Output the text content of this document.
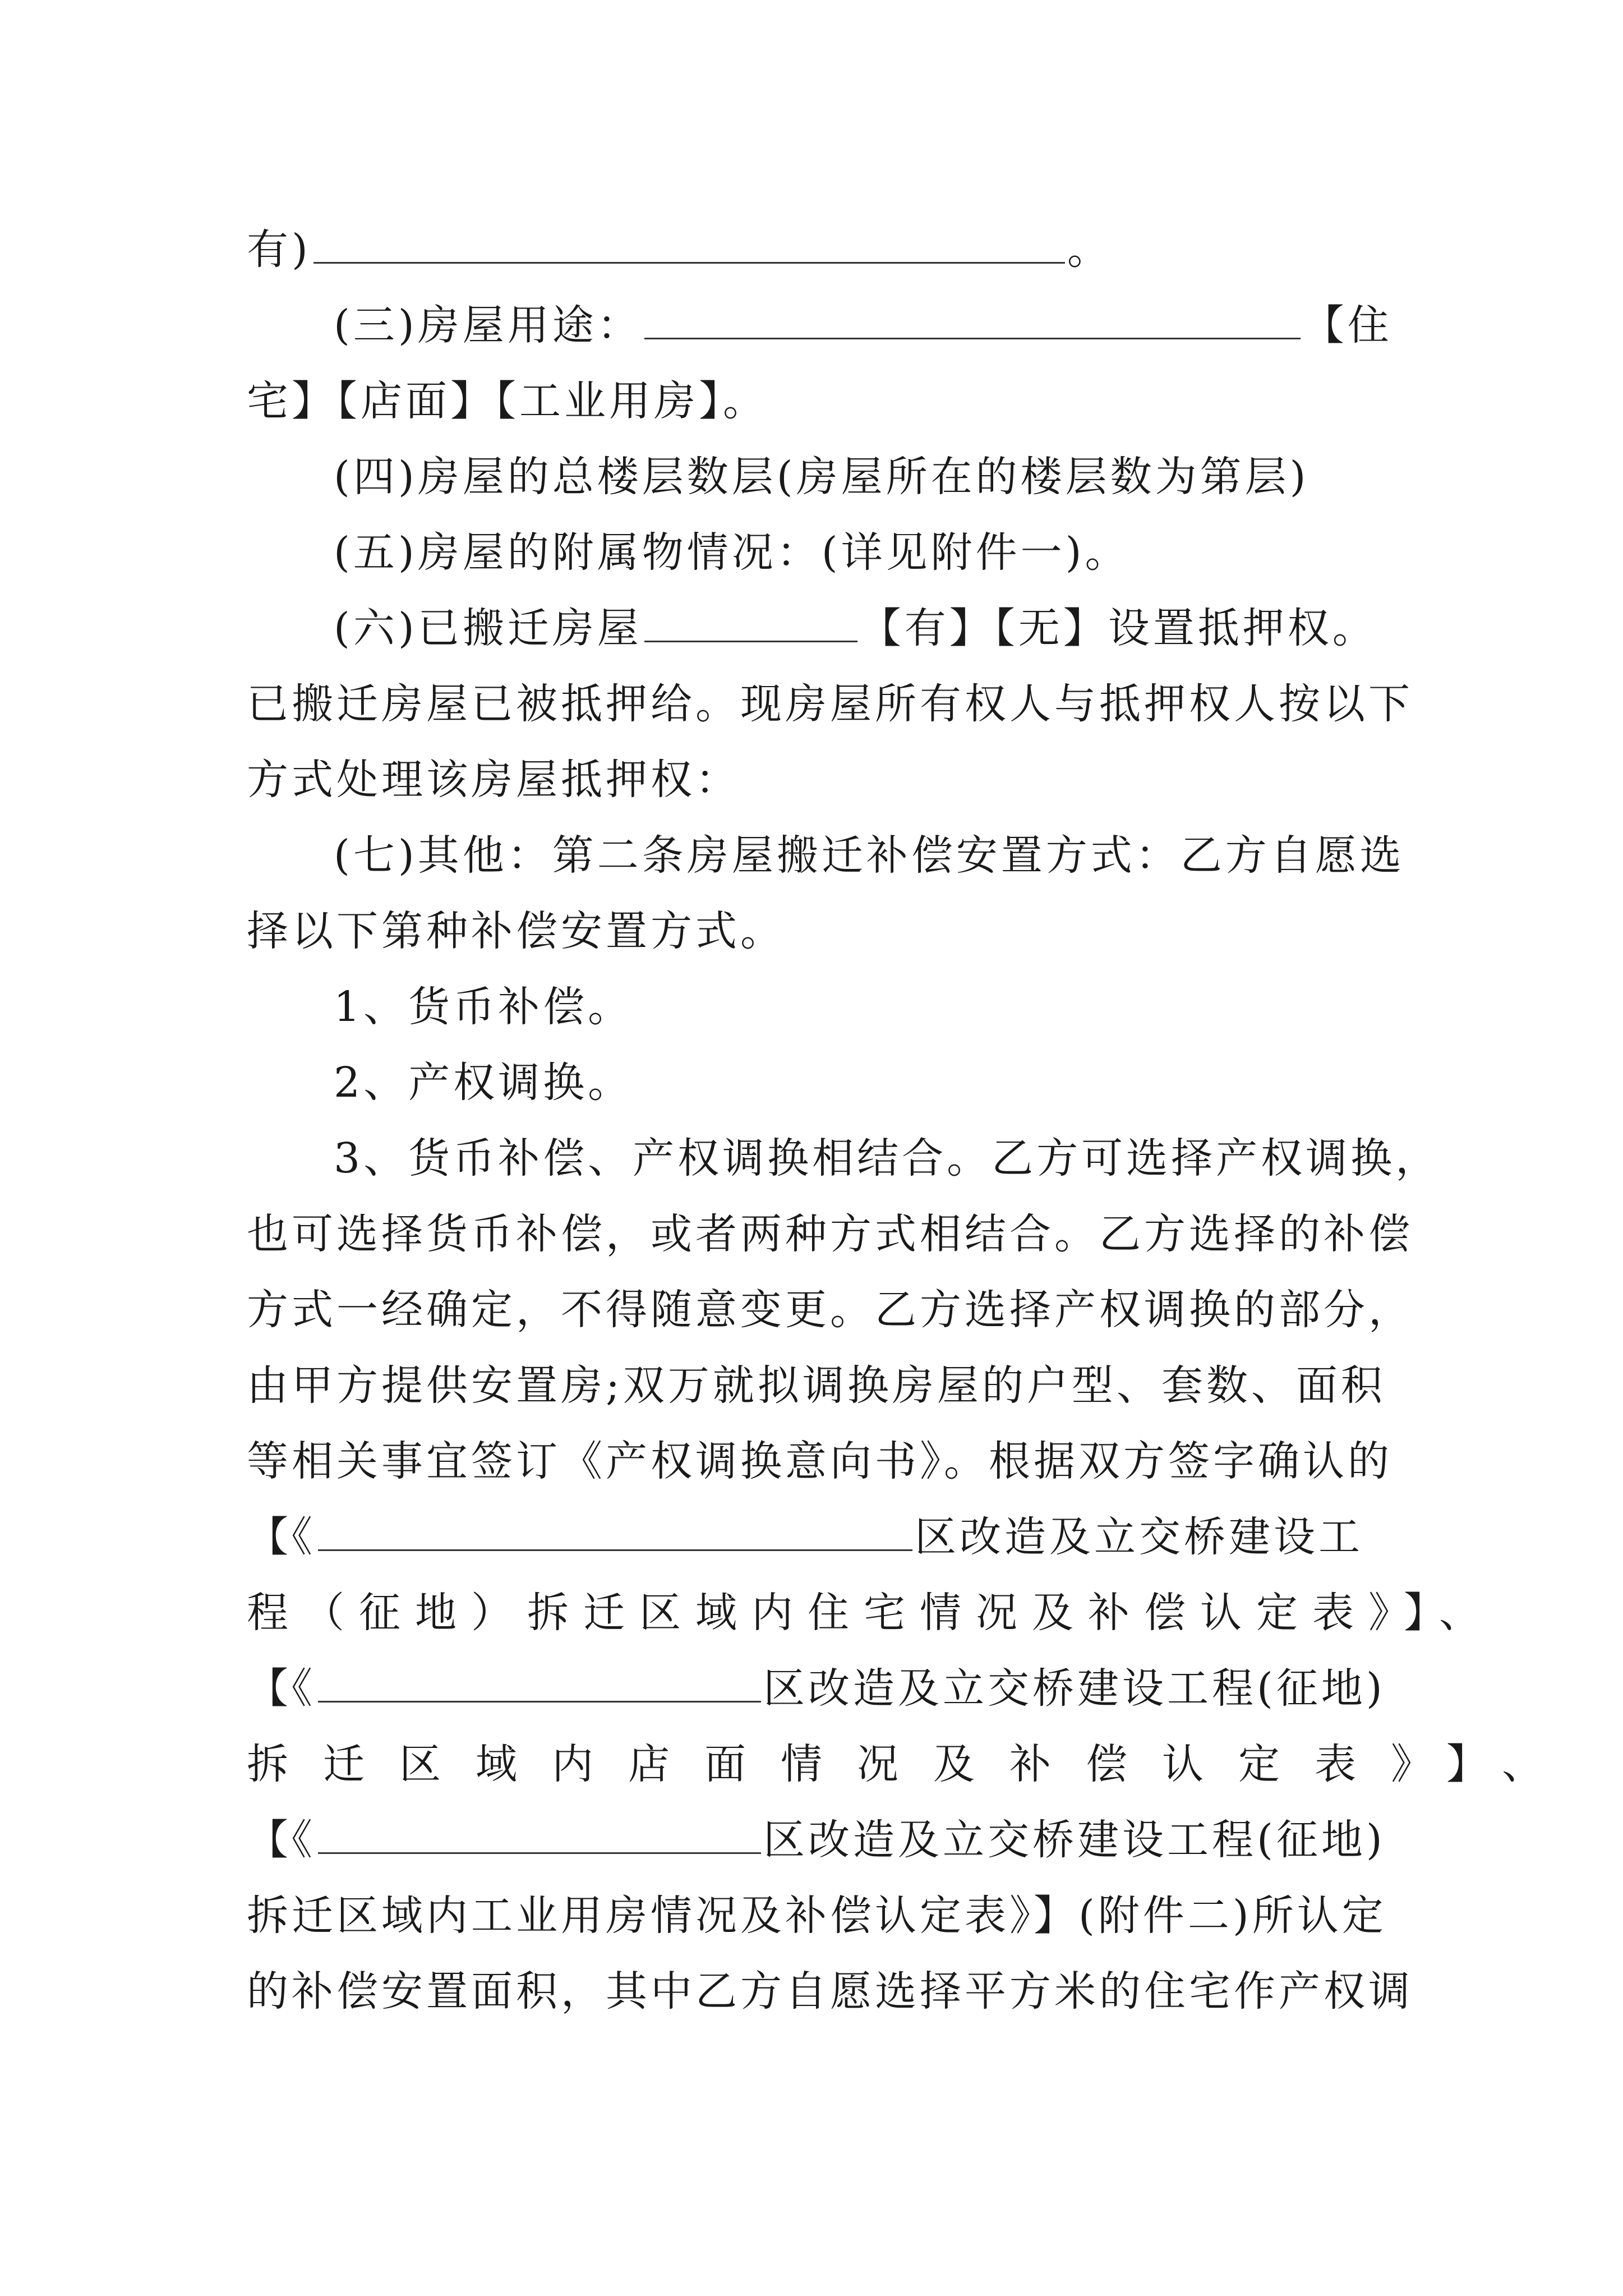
有)	。
(三)房屋用途：	【住
宅】【店面】【工业用房】。
(四)房屋的总楼层数层(房屋所在的楼层数为第层)
(五)房屋的附属物情况：(详见附件一)。
(六)已搬迁房屋	【有】【无】设置抵押权。
已搬迁房屋已被抵押给。现房屋所有权人与抵押权人按以下
方式处理该房屋抵押权：
(七)其他：第二条房屋搬迁补偿安置方式：乙方自愿选
择以下第种补偿安置方式。
1、货币补偿。
2、产权调换。
3、货币补偿、产权调换相结合。乙方可选择产权调换，
也可选择货币补偿，或者两种方式相结合。乙方选择的补偿
方式一经确定，不得随意变更。乙方选择产权调换的部分，
由甲方提供安置房;双万就拟调换房屋的户型、套数、面积
等相关事宜签订《产权调换意向书》。根据双方签字确认的
【《	区改造及立交桥建设工
程（征地）拆迁区域内住宅情况及补偿认定表》】、
【《	区改造及立交桥建设工程(征地)
拆迁区域内店面情况及补偿认定表》】、
【《	区改造及立交桥建设工程(征地)
拆迁区域内工业用房情况及补偿认定表》】(附件二)所认定
的补偿安置面积，其中乙方自愿选择平方米的住宅作产权调
